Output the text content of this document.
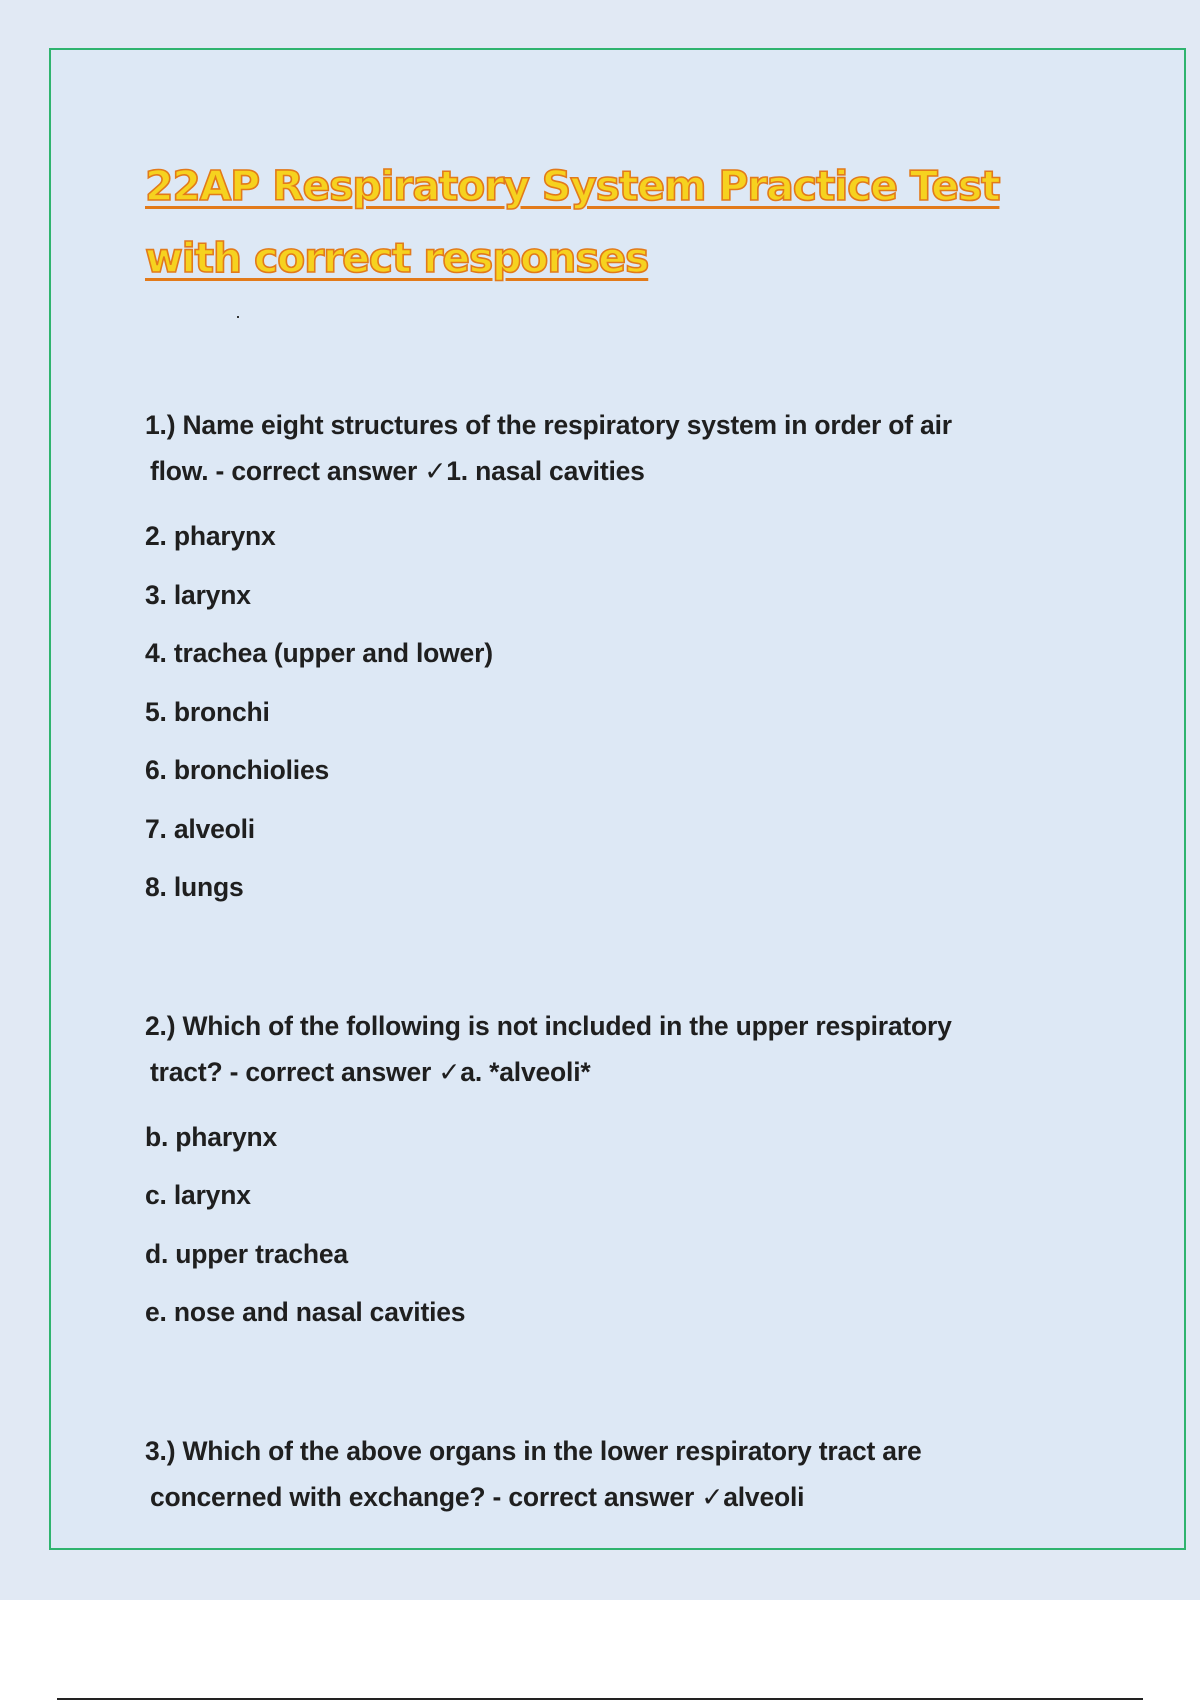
22AP Respiratory System Practice Test with correct responses

1.) Name eight structures of the respiratory system in order of air
flow. - correct answer ✓1. nasal cavities

2. pharynx

3. larynx

4. trachea (upper and lower)

5. bronchi

6. bronchiolies

7. alveoli

8. lungs

2.) Which of the following is not included in the upper respiratory
tract? - correct answer ✓a. *alveoli*

b. pharynx

c. larynx

d. upper trachea

e. nose and nasal cavities

3.) Which of the above organs in the lower respiratory tract are
concerned with exchange? - correct answer ✓alveoli
